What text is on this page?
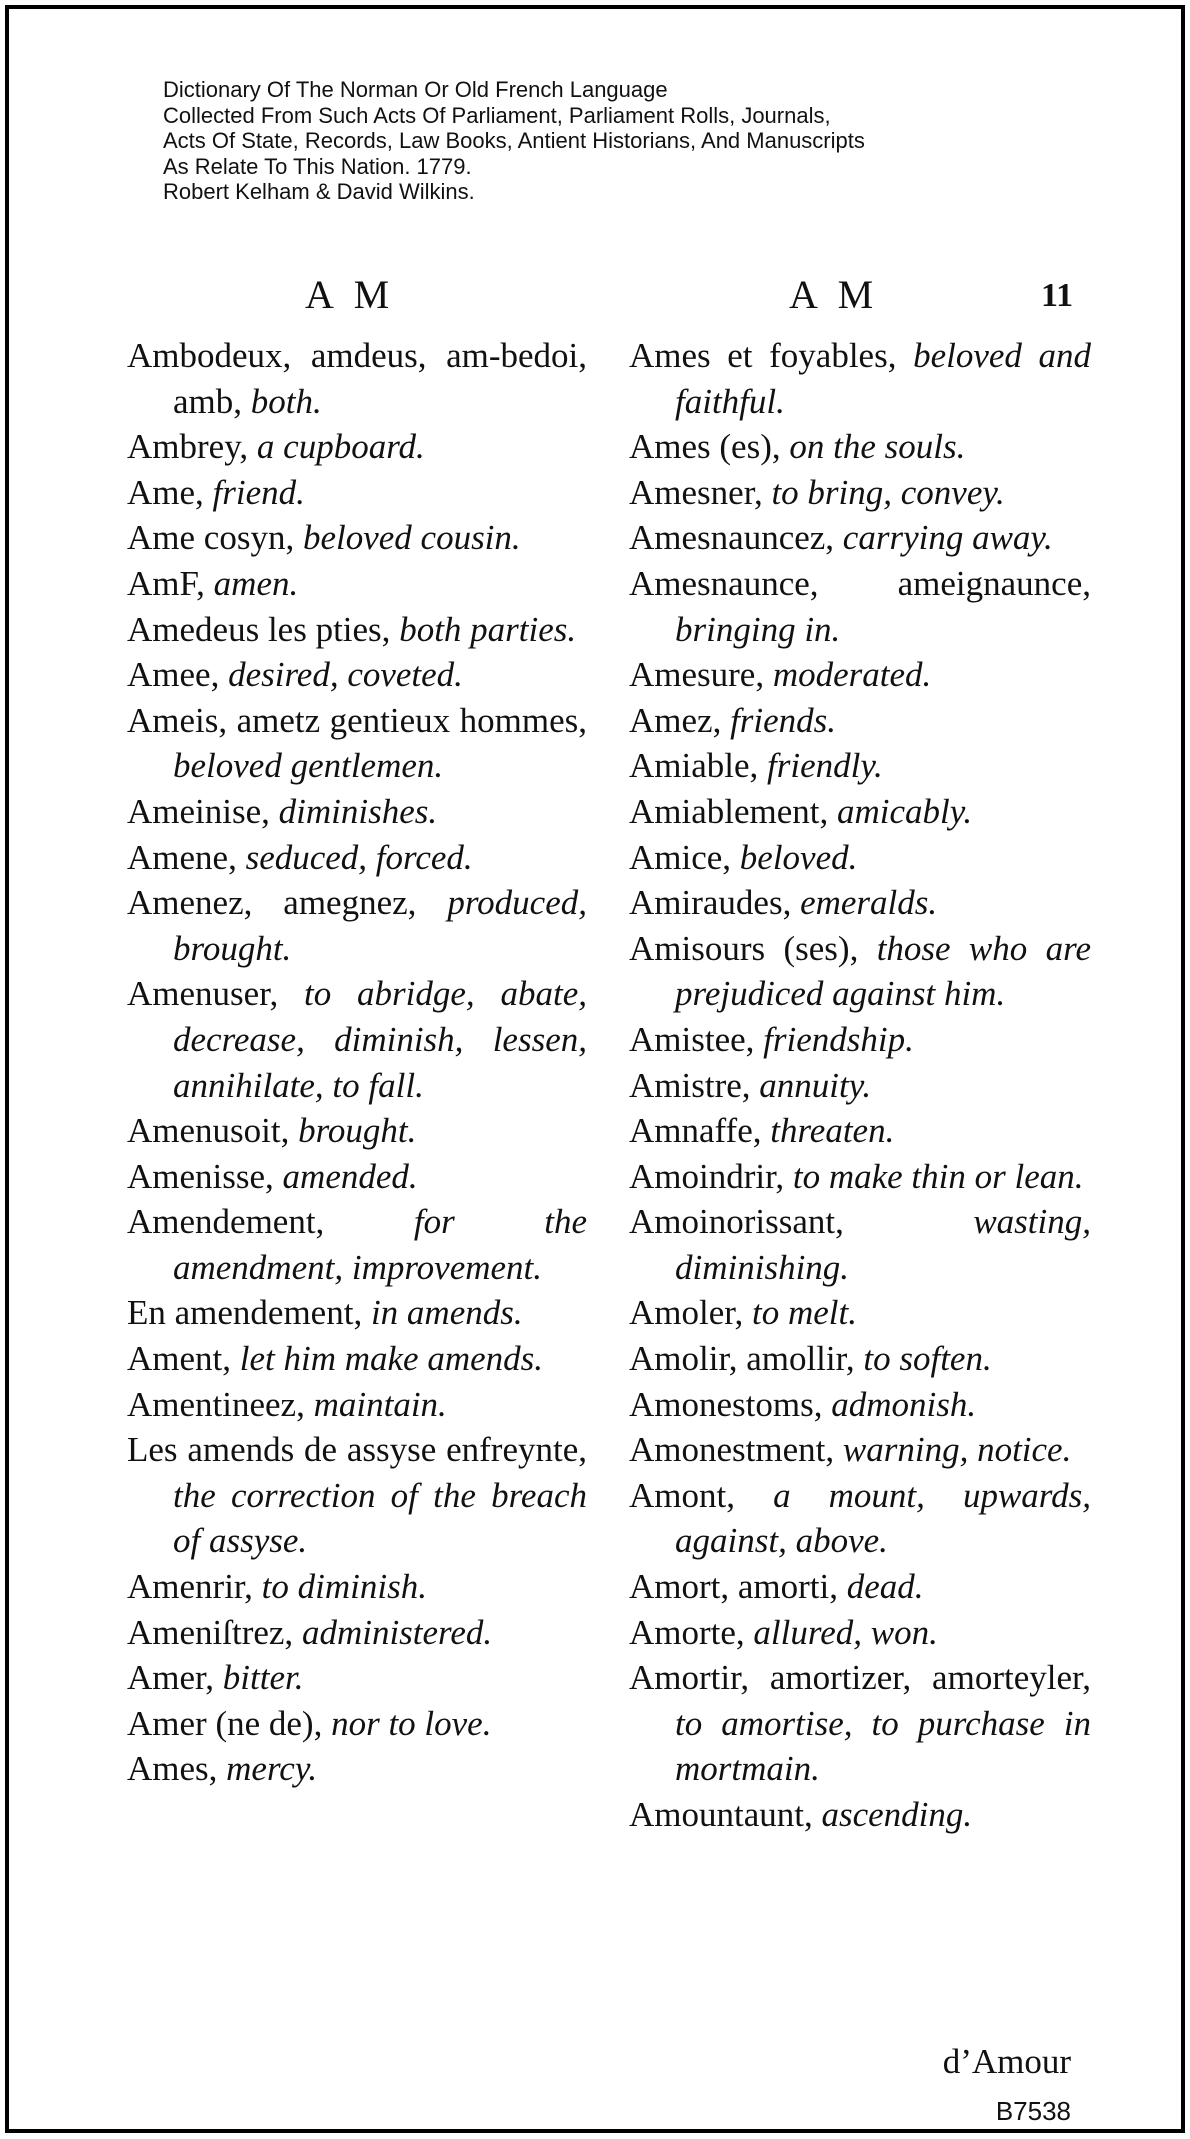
Dictionary Of The Norman Or Old French Language
Collected From Such Acts Of Parliament, Parliament Rolls, Journals,
Acts Of State, Records, Law Books, Antient Historians, And Manuscripts
As Relate To This Nation. 1779.
Robert Kelham & David Wilkins.
A M	A M	11

Ambodeux, amdeus, am-bedoi, amb, both.

Ambrey, a cupboard.

Ame, friend.

Ame cosyn, beloved cousin.

AmF, amen.

Amedeus les pties, both parties.

Amee, desired, coveted.

Ameis, ametz gentieux hommes, beloved gentlemen.

Ameinise, diminishes.

Amene, seduced, forced.

Amenez, amegnez, produced, brought.

Amenuser, to abridge, abate, decrease, diminish, lessen, annihilate, to fall.

Amenusoit, brought.

Amenisse, amended.

Amendement,	for the amendment, improvement.

En amendement, in amends.

Ament, let him make amends.

Amentineez, maintain.

Les amends de assyse enfreynte, the correction of the breach of assyse.

Amenrir, to diminish.

Ameniſtrez, administered.

Amer, bitter.

Amer (ne de), nor to love.

Ames, mercy.

Ames et foyables, beloved and faithful.

Ames (es), on the souls.

Amesner, to bring, convey.

Amesnauncez, carrying away.

Amesnaunce, ameignaunce, bringing in.

Amesure, moderated.

Amez, friends.

Amiable, friendly.

Amiablement, amicably.

Amice, beloved.

Amiraudes, emeralds.

Amisours (ses), those who are prejudiced against him.

Amistee, friendship.

Amistre, annuity.

Amnaffe, threaten.

Amoindrir, to make thin or lean.

Amoinorissant,	wasting, diminishing.

Amoler, to melt.

Amolir, amollir, to soften.

Amonestoms, admonish.

Amonestment, warning, notice.

Amont, a mount, upwards, against, above.

Amort, amorti, dead.

Amorte, allured, won.

Amortir, amortizer, amorteyler, to amortise, to purchase in mortmain.

Amountaunt, ascending.

d’Amour
B7538
